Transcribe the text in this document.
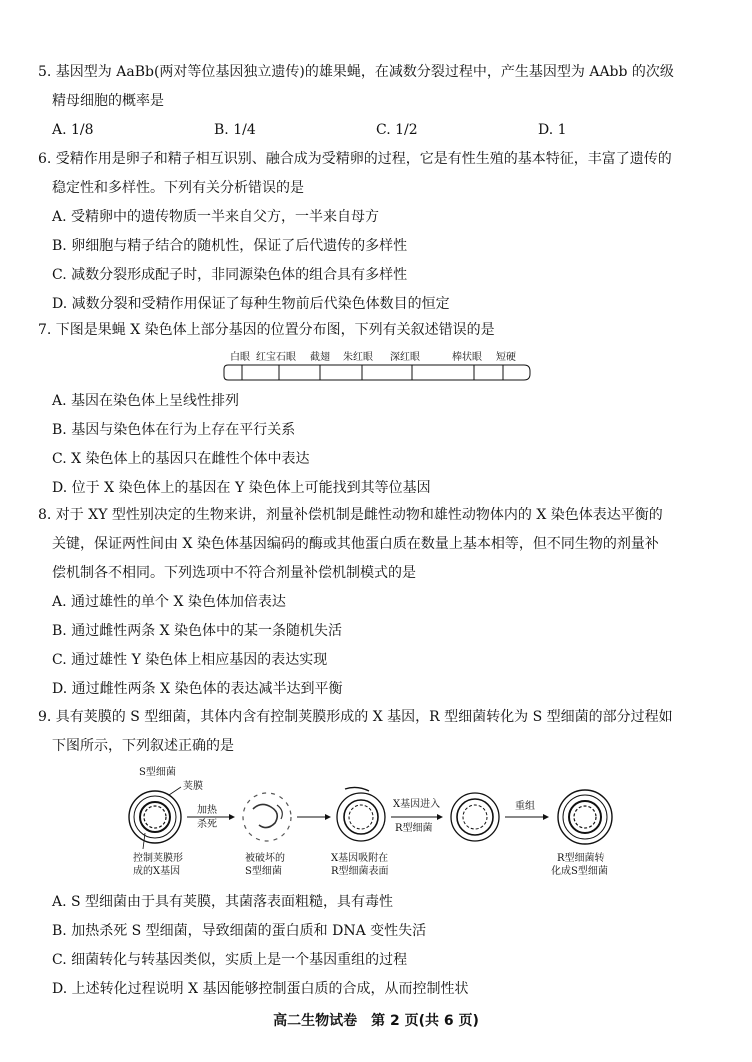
5. 基因型为 AaBb(两对等位基因独立遗传)的雄果蝇，在减数分裂过程中，产生基因型为 AAbb 的次级
精母细胞的概率是
A. 1/8	B. 1/4	C. 1/2	D. 1
6. 受精作用是卵子和精子相互识别、融合成为受精卵的过程，它是有性生殖的基本特征，丰富了遗传的
稳定性和多样性。下列有关分析错误的是
A. 受精卵中的遗传物质一半来自父方，一半来自母方
B. 卵细胞与精子结合的随机性，保证了后代遗传的多样性
C. 减数分裂形成配子时，非同源染色体的组合具有多样性
D. 减数分裂和受精作用保证了每种生物前后代染色体数目的恒定
7. 下图是果蝇 X 染色体上部分基因的位置分布图，下列有关叙述错误的是
白眼 红宝石眼 截翅 朱红眼 深红眼	棒状眼 短硬
A. 基因在染色体上呈线性排列
B. 基因与染色体在行为上存在平行关系
C. X 染色体上的基因只在雌性个体中表达
D. 位于 X 染色体上的基因在 Y 染色体上可能找到其等位基因
8. 对于 XY 型性别决定的生物来讲，剂量补偿机制是雌性动物和雄性动物体内的 X 染色体表达平衡的
关键，保证两性间由 X 染色体基因编码的酶或其他蛋白质在数量上基本相等，但不同生物的剂量补
偿机制各不相同。下列选项中不符合剂量补偿机制模式的是
A. 通过雄性的单个 X 染色体加倍表达
B. 通过雌性两条 X 染色体中的某一条随机失活
C. 通过雄性 Y 染色体上相应基因的表达实现
D. 通过雌性两条 X 染色体的表达减半达到平衡
9. 具有荚膜的 S 型细菌，其体内含有控制荚膜形成的 X 基因，R 型细菌转化为 S 型细菌的部分过程如
下图所示，下列叙述正确的是
S型细菌
荚膜
控制荚膜形
成的X基因
加热
杀死
被破坏的
S型细菌
X基因吸附在
R型细菌表面
X基因进入
R型细菌
重组
R型细菌转
化成S型细菌
A. S 型细菌由于具有荚膜，其菌落表面粗糙，具有毒性
B. 加热杀死 S 型细菌，导致细菌的蛋白质和 DNA 变性失活
C. 细菌转化与转基因类似，实质上是一个基因重组的过程
D. 上述转化过程说明 X 基因能够控制蛋白质的合成，从而控制性状
高二生物试卷　第 2 页(共 6 页)
